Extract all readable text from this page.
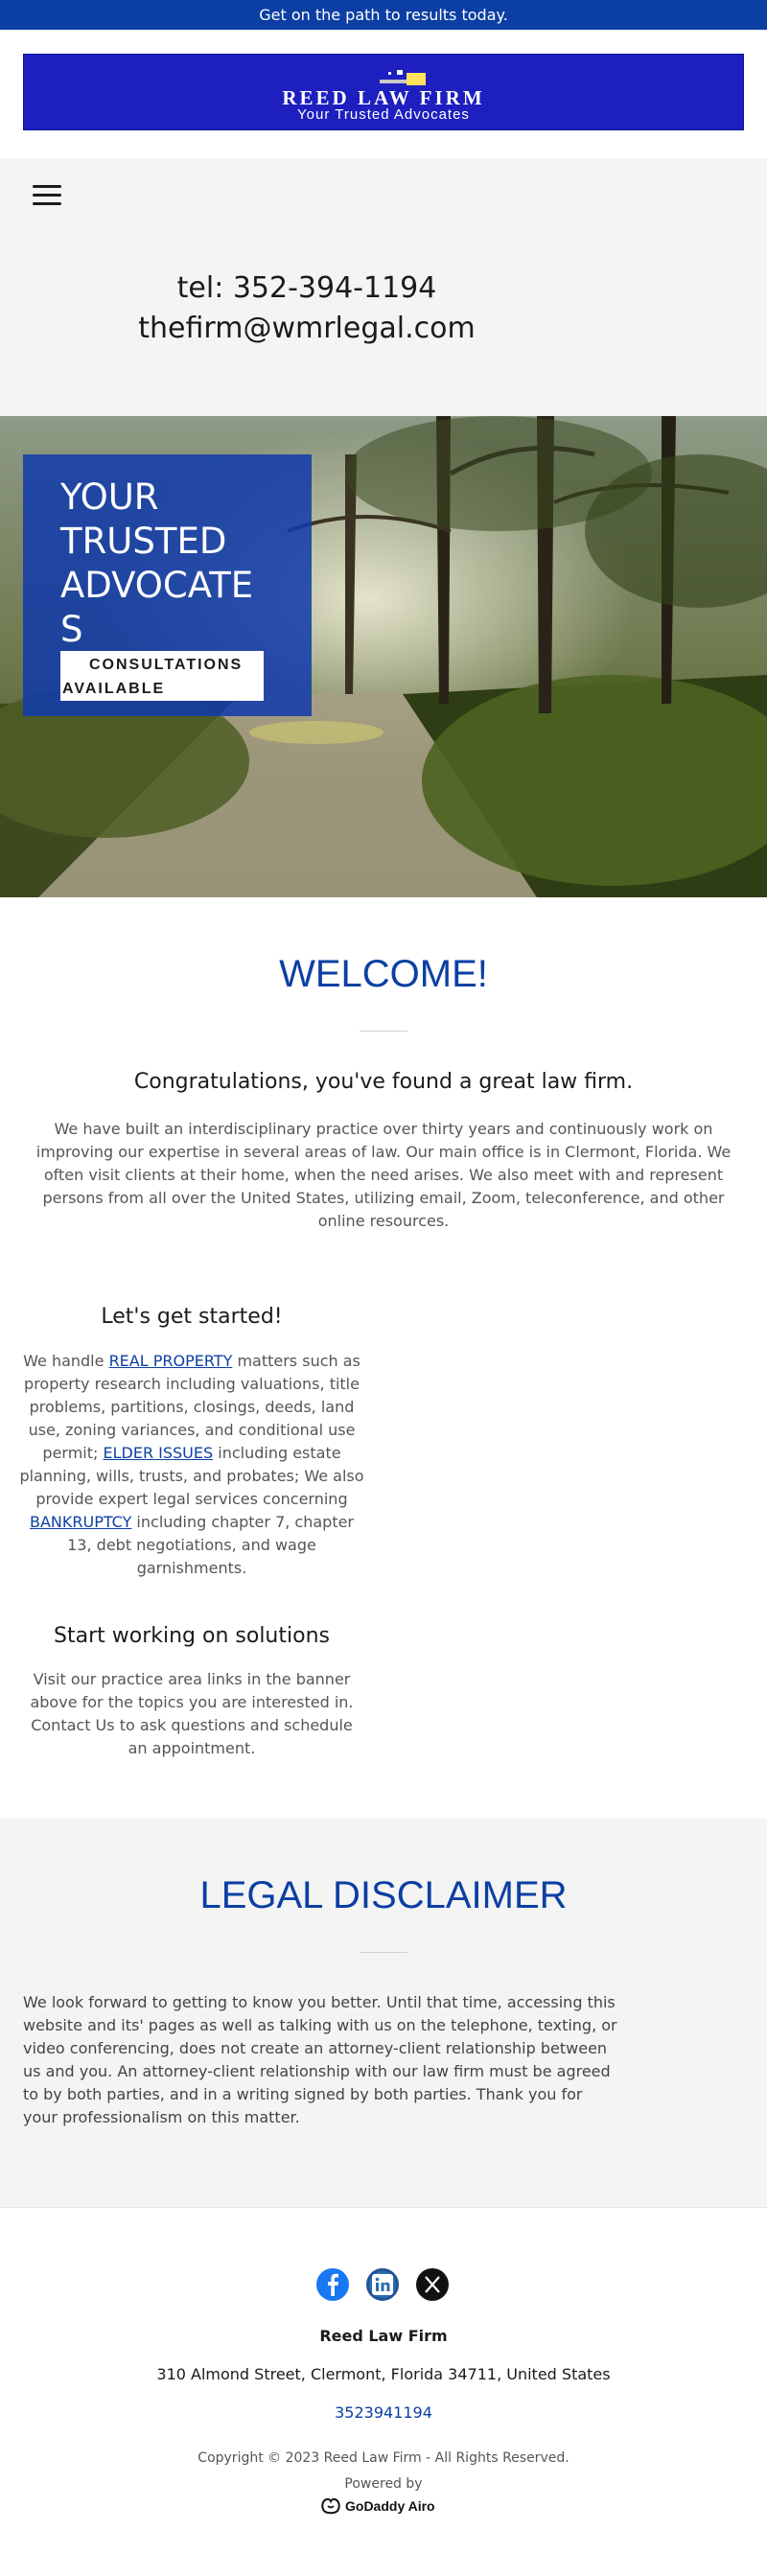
Get on the path to results today.
REED LAW FIRM
Your Trusted Advocates
tel: 352-394-1194
thefirm@wmrlegal.com
YOUR
TRUSTED
ADVOCATE
S
CONSULTATIONS
AVAILABLE
WELCOME!
Congratulations, you've found a great law firm.

We have built an interdisciplinary practice over thirty years and continuously work on improving our expertise in several areas of law. Our main office is in Clermont, Florida. We often visit clients at their home, when the need arises. We also meet with and represent persons from all over the United States, utilizing email, Zoom, teleconference, and other online resources.

Let's get started!

We handle REAL PROPERTY matters such as property research including valuations, title problems, partitions, closings, deeds, land use, zoning variances, and conditional use permit; ELDER ISSUES including estate planning, wills, trusts, and probates; We also provide expert legal services concerning BANKRUPTCY including chapter 7, chapter 13, debt negotiations, and wage garnishments.

Start working on solutions

Visit our practice area links in the banner above for the topics you are interested in. Contact Us to ask questions and schedule an appointment.

LEGAL DISCLAIMER

We look forward to getting to know you better. Until that time, accessing this website and its' pages as well as talking with us on the telephone, texting, or video conferencing, does not create an attorney-client relationship between us and you. An attorney-client relationship with our law firm must be agreed to by both parties, and in a writing signed by both parties. Thank you for your professionalism on this matter.

Reed Law Firm
310 Almond Street, Clermont, Florida 34711, United States
3523941194
Copyright © 2023 Reed Law Firm - All Rights Reserved.
Powered by
GoDaddy Airo
